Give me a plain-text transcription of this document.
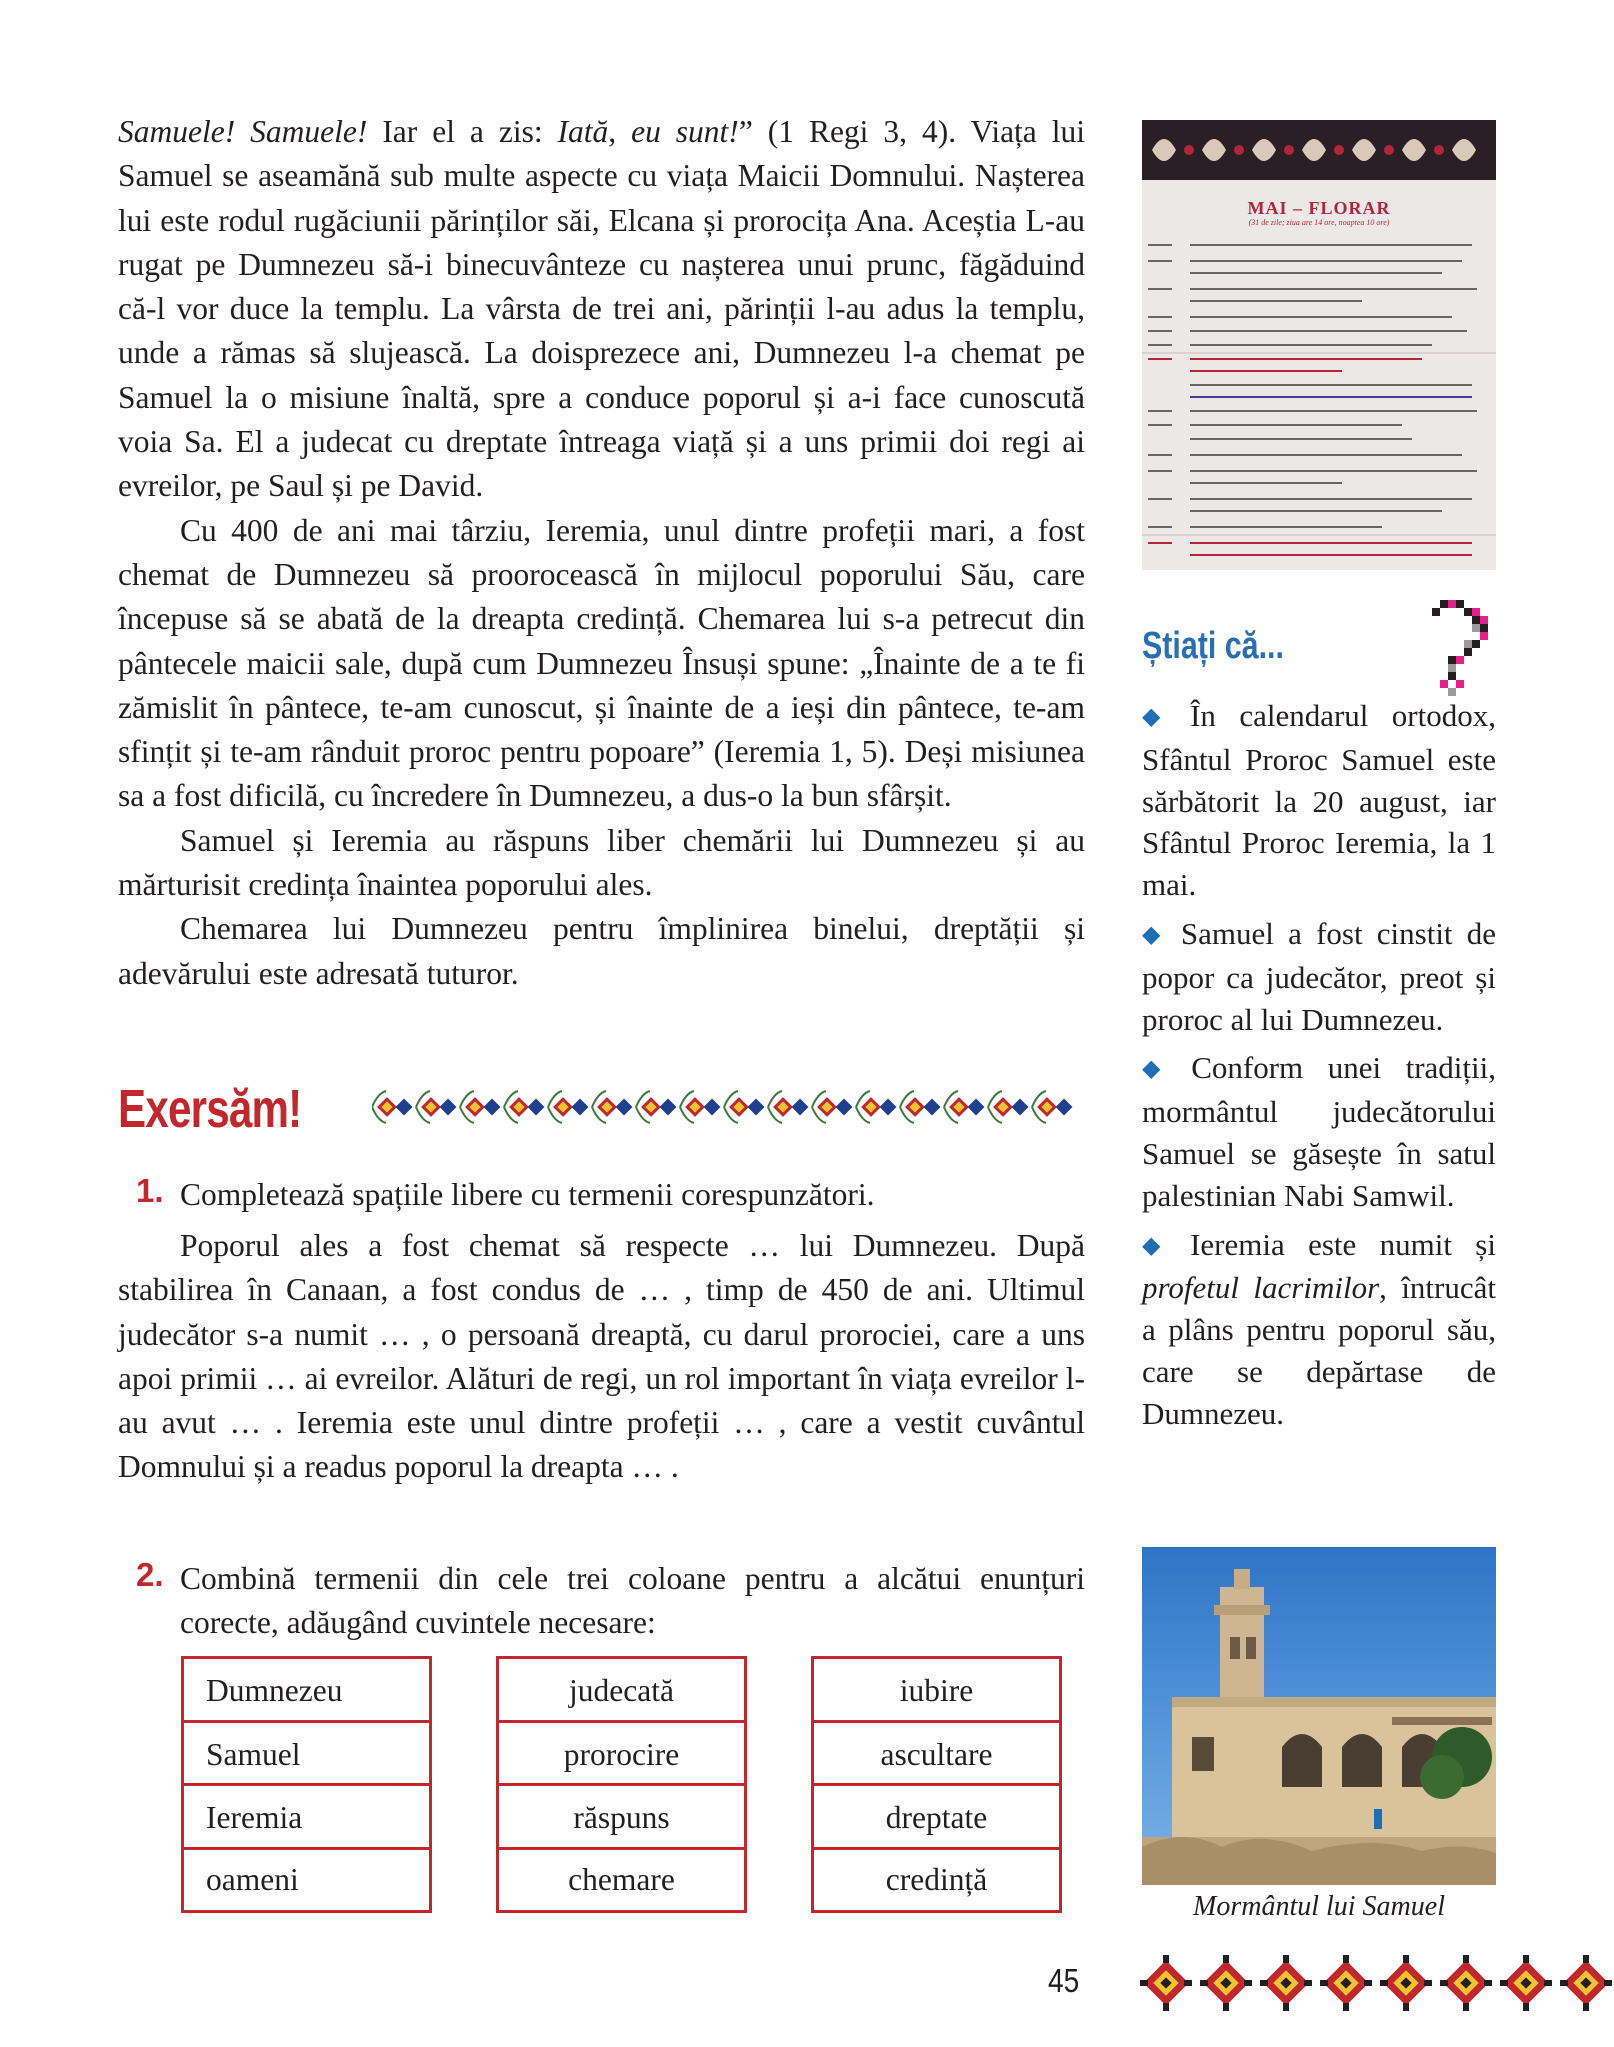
Samuele! Samuele! Iar el a zis: Iată, eu sunt!” (1 Regi 3, 4). Viața lui Samuel se aseamănă sub multe aspecte cu viața Maicii Domnului. Nașterea lui este rodul rugăciunii părinților săi, Elcana și prorocița Ana. Aceștia L-au rugat pe Dumnezeu să-i binecuvânteze cu nașterea unui prunc, făgăduind că-l vor duce la templu. La vârsta de trei ani, părinții l-au adus la templu, unde a rămas să slujească. La doisprezece ani, Dumnezeu l-a chemat pe Samuel la o misiune înaltă, spre a conduce poporul și a-i face cunoscută voia Sa. El a judecat cu dreptate întreaga viață și a uns primii doi regi ai evreilor, pe Saul și pe David.

Cu 400 de ani mai târziu, Ieremia, unul dintre profeții mari, a fost chemat de Dumnezeu să proorocească în mijlocul poporului Său, care începuse să se abată de la dreapta credință. Chemarea lui s-a petrecut din pântecele maicii sale, după cum Dumnezeu Însuși spune: „Înainte de a te fi zămislit în pântece, te-am cunoscut, și înainte de a ieși din pântece, te-am sfințit și te-am rânduit proroc pentru popoare” (Ieremia 1, 5). Deși misiunea sa a fost dificilă, cu încredere în Dumnezeu, a dus-o la bun sfârșit.

Samuel și Ieremia au răspuns liber chemării lui Dumnezeu și au mărturisit credința înaintea poporului ales.

Chemarea lui Dumnezeu pentru împlinirea binelui, dreptății și adevărului este adresată tuturor.

Exersăm!
1. Completează spațiile libere cu termenii corespunzători.

Poporul ales a fost chemat să respecte … lui Dumnezeu. După stabilirea în Canaan, a fost condus de … , timp de 450 de ani. Ultimul judecător s-a numit … , o persoană dreaptă, cu darul prorociei, care a uns apoi primii … ai evreilor. Alături de regi, un rol important în viața evreilor l-au avut … . Ieremia este unul dintre profeții … , care a vestit cuvântul Domnului și a readus poporul la dreapta … .

2. Combină termenii din cele trei coloane pentru a alcătui enunțuri corecte, adăugând cuvintele necesare:

Dumnezeu
Samuel
Ieremia
oameni
judecată
prorocire
răspuns
chemare
iubire
ascultare
dreptate
credință
MAI – FLORAR
(31 de zile; ziua are 14 ore, noaptea 10 ore)
Știați că...

◆ În calendarul ortodox, Sfântul Proroc Samuel este sărbătorit la 20 august, iar Sfântul Proroc Ieremia, la 1 mai.

◆ Samuel a fost cinstit de popor ca judecător, preot și proroc al lui Dumnezeu.

◆ Conform unei tradiții, mormântul judecătorului Samuel se găsește în satul palestinian Nabi Samwil.

◆ Ieremia este numit și profetul lacrimilor, întrucât a plâns pentru poporul său, care se depărtase de Dumnezeu.

Mormântul lui Samuel
45
